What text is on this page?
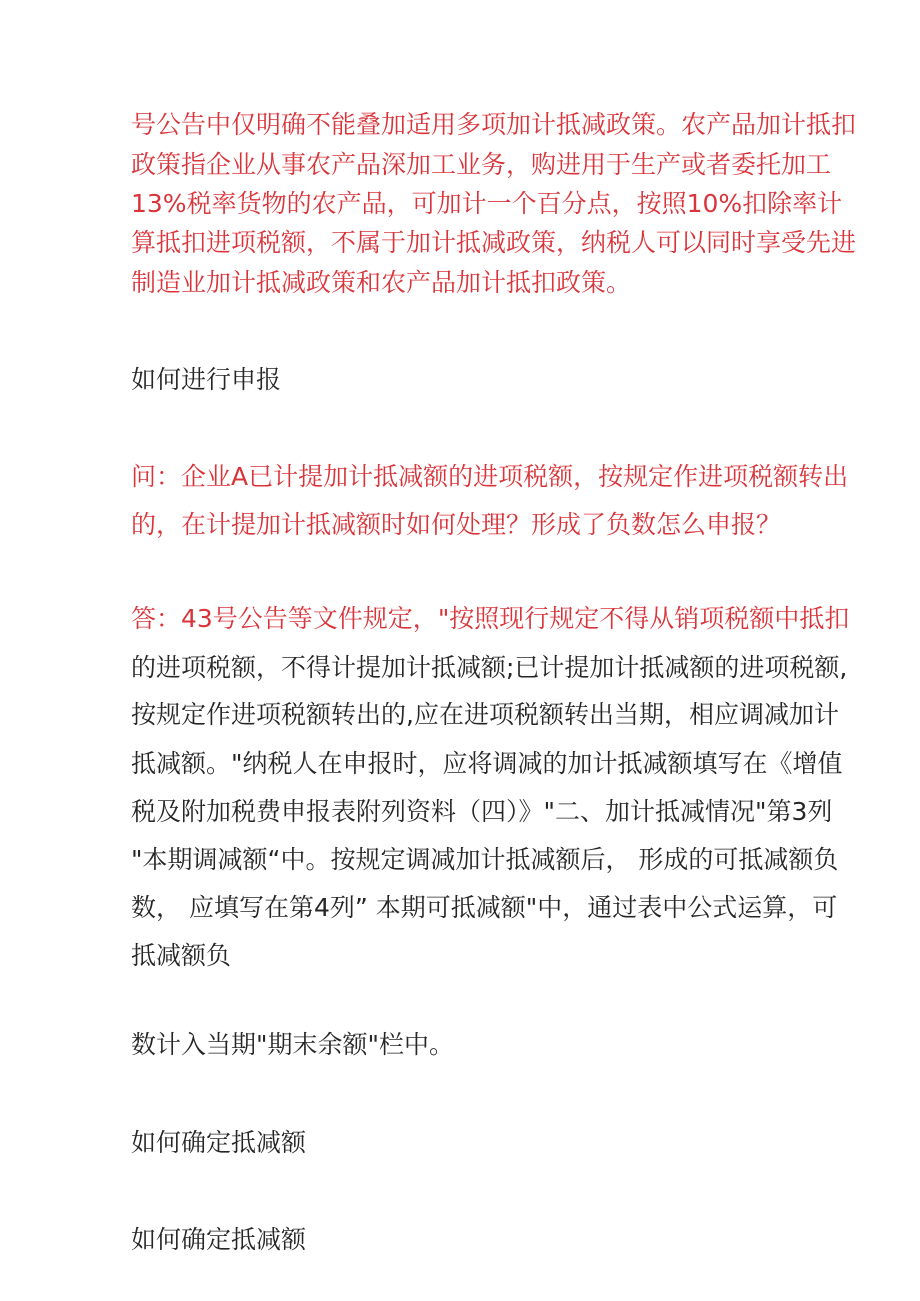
号公告中仅明确不能叠加适用多项加计抵减政策。农产品加计抵扣
政策指企业从事农产品深加工业务，购进用于生产或者委托加工
13%税率货物的农产品，可加计一个百分点，按照10%扣除率计
算抵扣进项税额，不属于加计抵减政策，纳税人可以同时享受先进
制造业加计抵减政策和农产品加计抵扣政策。
如何进行申报
问：企业A已计提加计抵减额的进项税额，按规定作进项税额转出
的，在计提加计抵减额时如何处理？形成了负数怎么申报？
答：43号公告等文件规定，"按照现行规定不得从销项税额中抵扣
的进项税额，不得计提加计抵减额;已计提加计抵减额的进项税额,
按规定作进项税额转出的,应在进项税额转出当期，相应调减加计
抵减额。"纳税人在申报时，应将调减的加计抵减额填写在《增值
税及附加税费申报表附列资料（四）》"二、加计抵减情况"第3列
"本期调减额“中。按规定调减加计抵减额后， 形成的可抵减额负
数， 应填写在第4列” 本期可抵减额"中，通过表中公式运算，可
抵减额负
数计入当期"期末余额"栏中。
如何确定抵减额
如何确定抵减额
